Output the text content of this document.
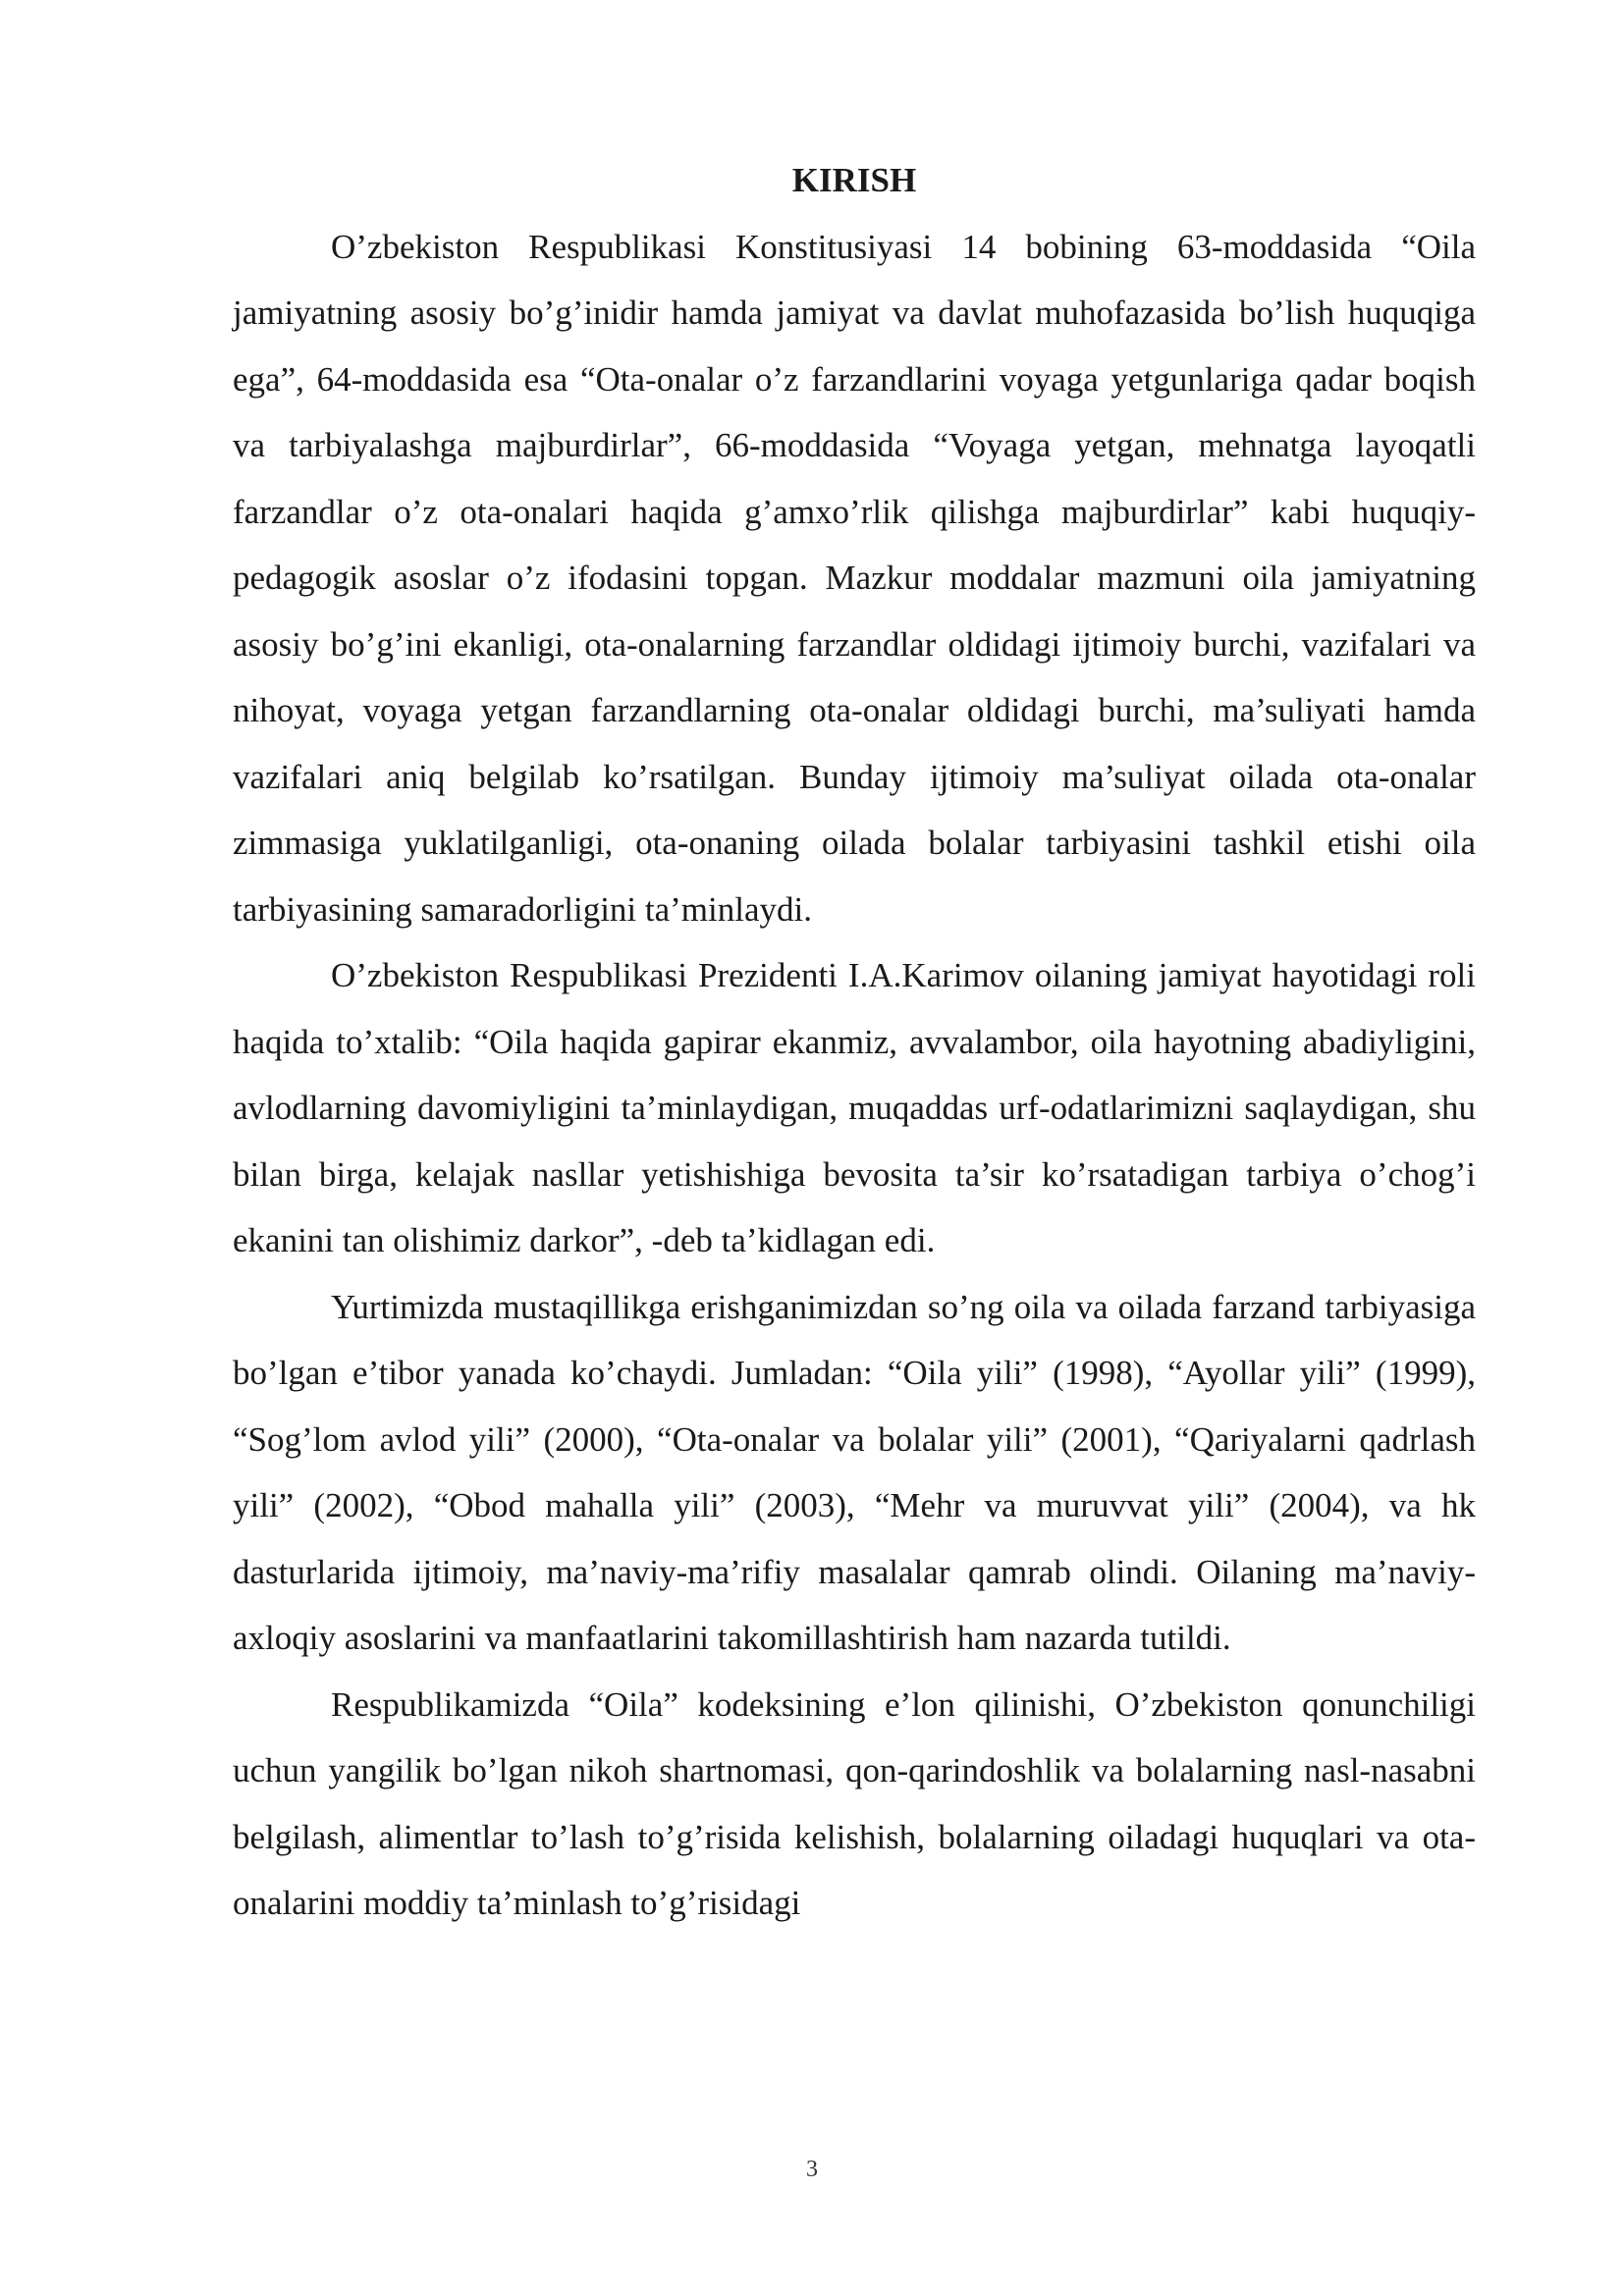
KIRISH

O’zbekiston Respublikasi Konstitusiyasi 14 bobining 63-moddasida “Oila jamiyatning asosiy bo’g’inidir hamda jamiyat va davlat muhofazasida bo’lish huquqiga ega”, 64-moddasida esa “Ota-onalar o’z farzandlarini voyaga yetgunlariga qadar boqish va tarbiyalashga majburdirlar”, 66-moddasida “Voyaga yetgan, mehnatga layoqatli farzandlar o’z ota-onalari haqida g’amxo’rlik qilishga majburdirlar” kabi huquqiy-pedagogik asoslar o’z ifodasini topgan. Mazkur moddalar mazmuni oila jamiyatning asosiy bo’g’ini ekanligi, ota-onalarning farzandlar oldidagi ijtimoiy burchi, vazifalari va nihoyat, voyaga yetgan farzandlarning ota-onalar oldidagi burchi, ma’suliyati hamda vazifalari aniq belgilab ko’rsatilgan. Bunday ijtimoiy ma’suliyat oilada ota-onalar zimmasiga yuklatilganligi, ota-onaning oilada bolalar tarbiyasini tashkil etishi oila tarbiyasining samaradorligini ta’minlaydi.

O’zbekiston Respublikasi Prezidenti I.A.Karimov oilaning jamiyat hayotidagi roli haqida to’xtalib: “Oila haqida gapirar ekanmiz, avvalambor, oila hayotning abadiyligini, avlodlarning davomiyligini ta’minlaydigan, muqaddas urf-odatlarimizni saqlaydigan, shu bilan birga, kelajak nasllar yetishishiga bevosita ta’sir ko’rsatadigan tarbiya o’chog’i ekanini tan olishimiz darkor”, -deb ta’kidlagan edi.

Yurtimizda mustaqillikga erishganimizdan so’ng oila va oilada farzand tarbiyasiga bo’lgan e’tibor yanada ko’chaydi. Jumladan: “Oila yili” (1998), “Ayollar yili” (1999), “Sog’lom avlod yili” (2000), “Ota-onalar va bolalar yili” (2001), “Qariyalarni qadrlash yili” (2002), “Obod mahalla yili” (2003), “Mehr va muruvvat yili” (2004), va hk dasturlarida ijtimoiy, ma’naviy-ma’rifiy masalalar qamrab olindi. Oilaning ma’naviy-axloqiy asoslarini va manfaatlarini takomillashtirish ham nazarda tutildi.

Respublikamizda “Oila” kodeksining e’lon qilinishi, O’zbekiston qonunchiligi uchun yangilik bo’lgan nikoh shartnomasi, qon-qarindoshlik va bolalarning nasl-nasabni belgilash, alimentlar to’lash to’g’risida kelishish, bolalarning oiladagi huquqlari va ota-onalarini moddiy ta’minlash to’g’risidagi

3
